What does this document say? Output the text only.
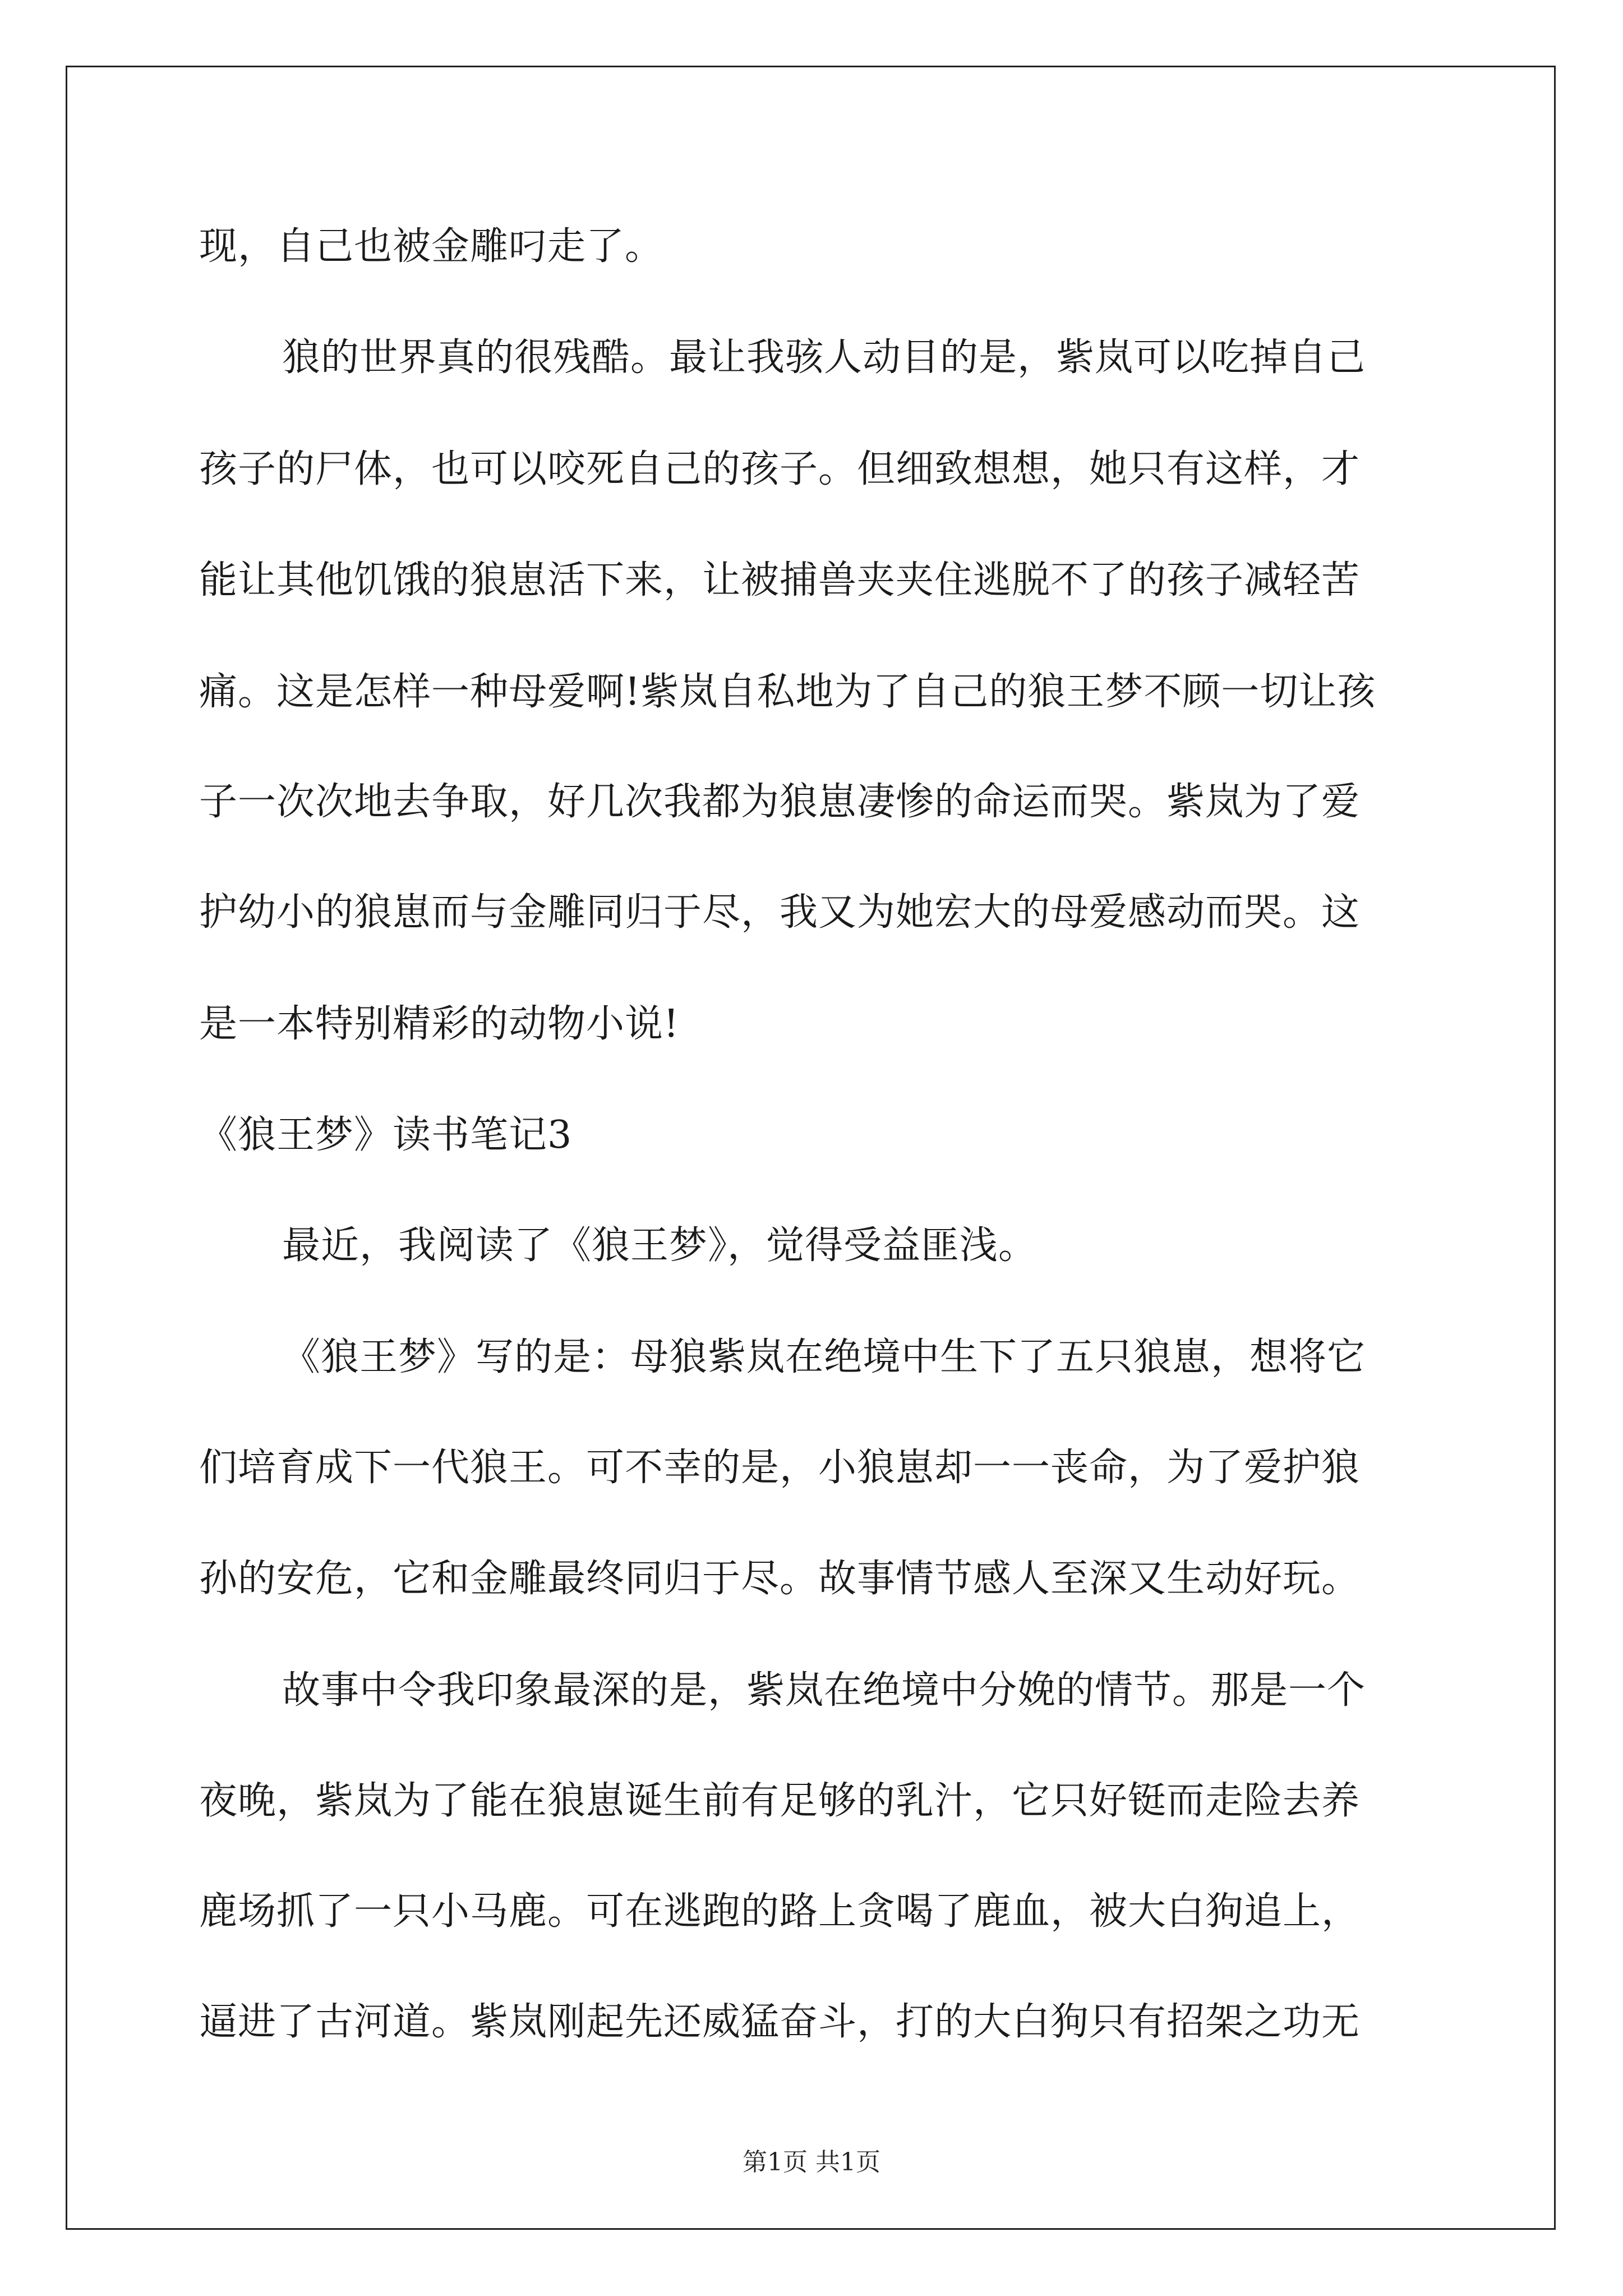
现，自己也被金雕叼走了。
狼的世界真的很残酷。最让我骇人动目的是，紫岚可以吃掉自己
孩子的尸体，也可以咬死自己的孩子。但细致想想，她只有这样，才
能让其他饥饿的狼崽活下来，让被捕兽夹夹住逃脱不了的孩子减轻苦
痛。这是怎样一种母爱啊!紫岚自私地为了自己的狼王梦不顾一切让孩
子一次次地去争取，好几次我都为狼崽凄惨的命运而哭。紫岚为了爱
护幼小的狼崽而与金雕同归于尽，我又为她宏大的母爱感动而哭。这
是一本特别精彩的动物小说!
《狼王梦》读书笔记3
最近，我阅读了《狼王梦》，觉得受益匪浅。
《狼王梦》写的是：母狼紫岚在绝境中生下了五只狼崽，想将它
们培育成下一代狼王。可不幸的是，小狼崽却一一丧命，为了爱护狼
孙的安危，它和金雕最终同归于尽。故事情节感人至深又生动好玩。
故事中令我印象最深的是，紫岚在绝境中分娩的情节。那是一个
夜晚，紫岚为了能在狼崽诞生前有足够的乳汁，它只好铤而走险去养
鹿场抓了一只小马鹿。可在逃跑的路上贪喝了鹿血，被大白狗追上，
逼进了古河道。紫岚刚起先还威猛奋斗，打的大白狗只有招架之功无
第1页 共1页
